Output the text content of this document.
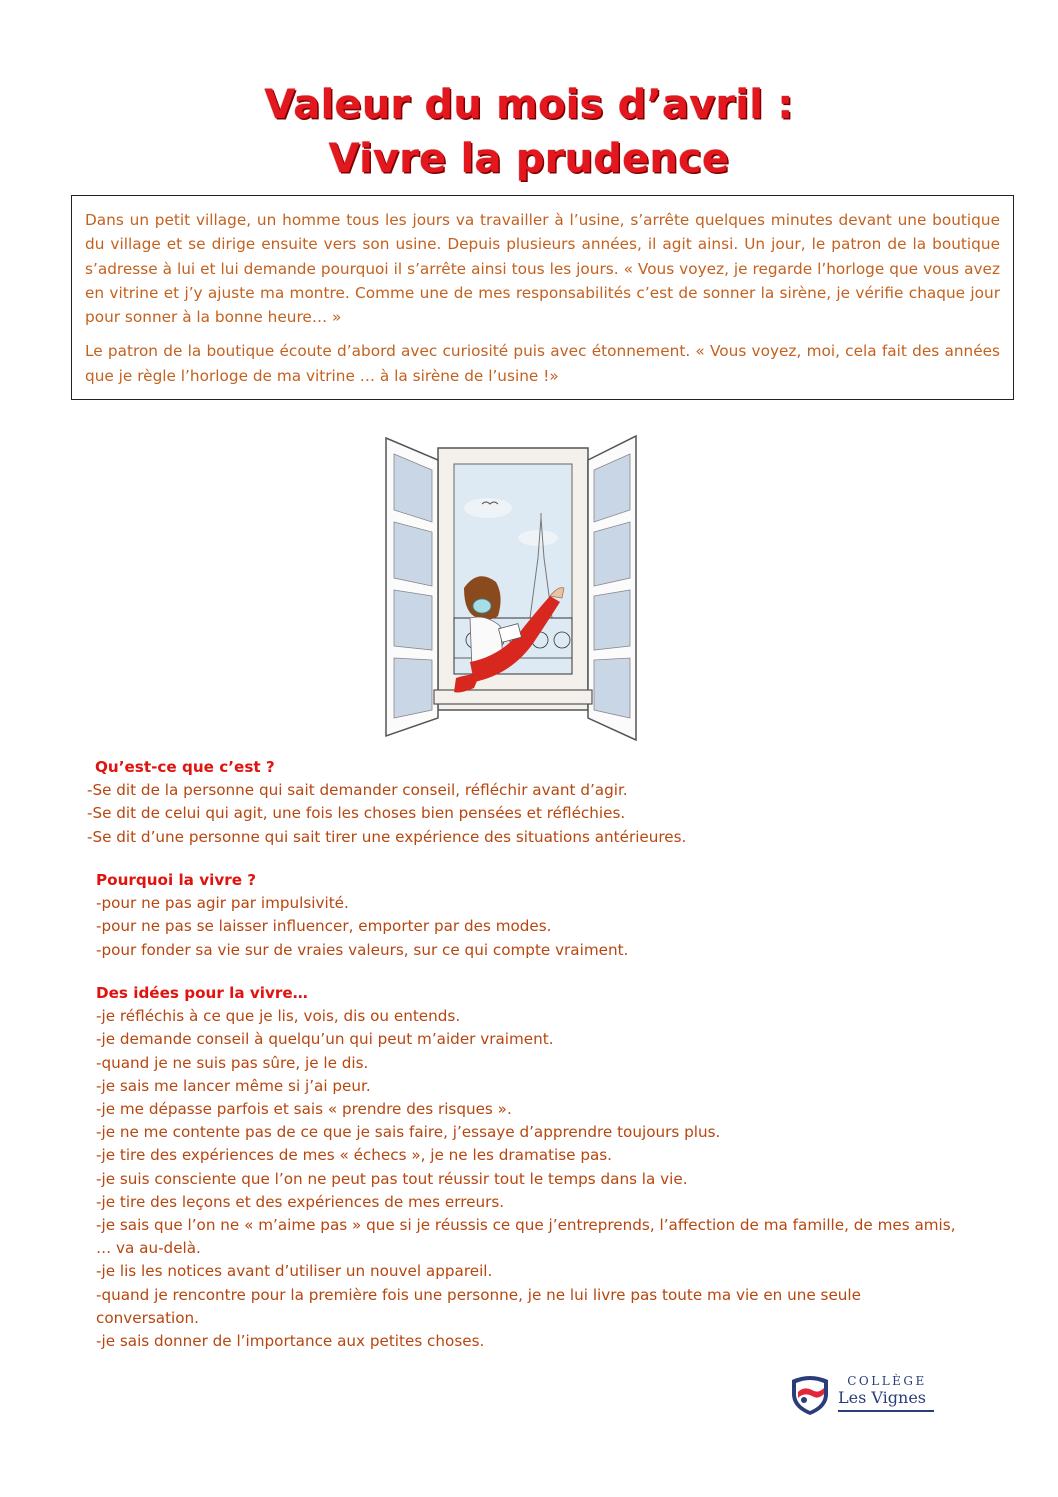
Valeur du mois d’avril :
Vivre la prudence

Dans un petit village, un homme tous les jours va travailler à l’usine, s’arrête quelques minutes devant une boutique du village et se dirige ensuite vers son usine. Depuis plusieurs années, il agit ainsi. Un jour, le patron de la boutique s’adresse à lui et lui demande pourquoi il s’arrête ainsi tous les jours. « Vous voyez, je regarde l’horloge que vous avez en vitrine et j’y ajuste ma montre. Comme une de mes responsabilités c’est de sonner la sirène, je vérifie chaque jour pour sonner à la bonne heure… »

Le patron de la boutique écoute d’abord avec curiosité puis avec étonnement. « Vous voyez, moi, cela fait des années que je règle l’horloge de ma vitrine … à la sirène de l’usine !»

Qu’est-ce que c’est ?
-Se dit de la personne qui sait demander conseil, réfléchir avant d’agir.
-Se dit de celui qui agit, une fois les choses bien pensées et réfléchies.
-Se dit d’une personne qui sait tirer une expérience des situations antérieures.
Pourquoi la vivre ?
-pour ne pas agir par impulsivité.
-pour ne pas se laisser influencer, emporter par des modes.
-pour fonder sa vie sur de vraies valeurs, sur ce qui compte vraiment.
Des idées pour la vivre…
-je réfléchis à ce que je lis, vois, dis ou entends.
-je demande conseil à quelqu’un qui peut m’aider vraiment.
-quand je ne suis pas sûre, je le dis.
-je sais me lancer même si j’ai peur.
-je me dépasse parfois et sais « prendre des risques ».
-je ne me contente pas de ce que je sais faire, j’essaye d’apprendre toujours plus.
-je tire des expériences de mes « échecs », je ne les dramatise pas.
-je suis consciente que l’on ne peut pas tout réussir tout le temps dans la vie.
-je tire des leçons et des expériences de mes erreurs.
-je sais que l’on ne « m’aime pas » que si je réussis ce que j’entreprends, l’affection de ma famille, de mes amis, … va au-delà.
-je lis les notices avant d’utiliser un nouvel appareil.
-quand je rencontre pour la première fois une personne, je ne lui livre pas toute ma vie en une seule conversation.
-je sais donner de l’importance aux petites choses.
COLLÈGE
Les Vignes
